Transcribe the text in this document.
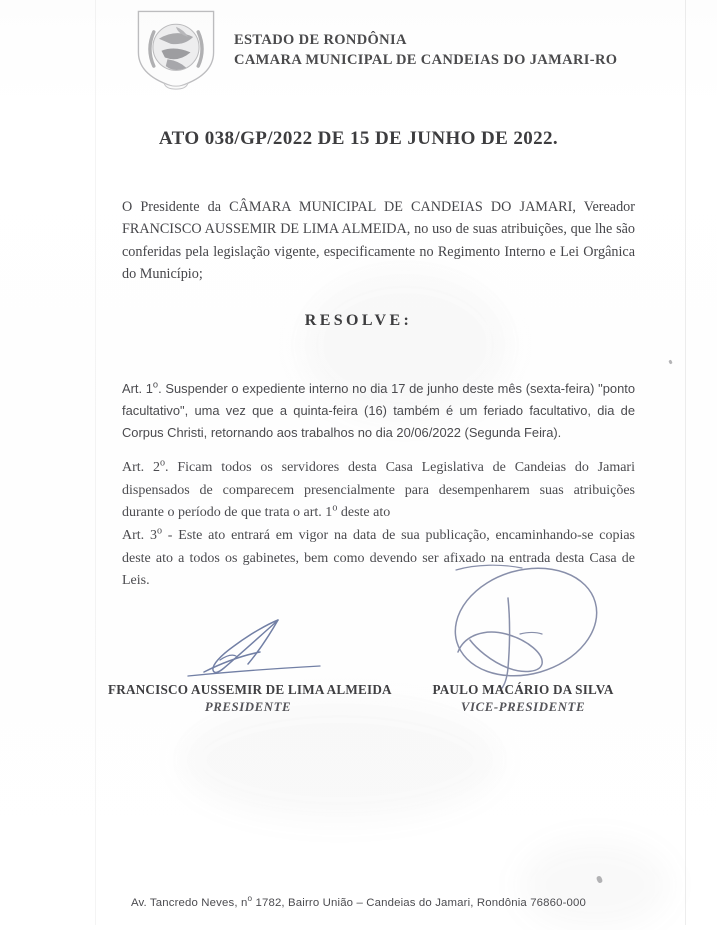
ESTADO DE RONDÔNIA
CAMARA MUNICIPAL DE CANDEIAS DO JAMARI-RO
ATO 038/GP/2022 DE 15 DE JUNHO DE 2022.

O Presidente da CÂMARA MUNICIPAL DE CANDEIAS DO JAMARI, Vereador FRANCISCO AUSSEMIR DE LIMA ALMEIDA, no uso de suas atribuições, que lhe são conferidas pela legislação vigente, especificamente no Regimento Interno e Lei Orgânica do Município;

RESOLVE:

Art. 1$^o$. Suspender o expediente interno no dia 17 de junho deste mês (sexta-feira) "ponto facultativo", uma vez que a quinta-feira (16) também é um feriado facultativo, dia de Corpus Christi, retornando aos trabalhos no dia 20/06/2022 (Segunda Feira).

Art. 2$^o$. Ficam todos os servidores desta Casa Legislativa de Candeias do Jamari dispensados de comparecem presencialmente para desempenharem suas atribuições durante o período de que trata o art. 1$^o$ deste ato

Art. 3$^o$ - Este ato entrará em vigor na data de sua publicação, encaminhando-se copias deste ato a todos os gabinetes, bem como devendo ser afixado na entrada desta Casa de Leis.

FRANCISCO AUSSEMIR DE LIMA ALMEIDA
PRESIDENTE
PAULO MACÁRIO DA SILVA
VICE-PRESIDENTE
Av. Tancredo Neves, $n^o$ 1782, Bairro União – Candeias do Jamari, Rondônia 76860-000
